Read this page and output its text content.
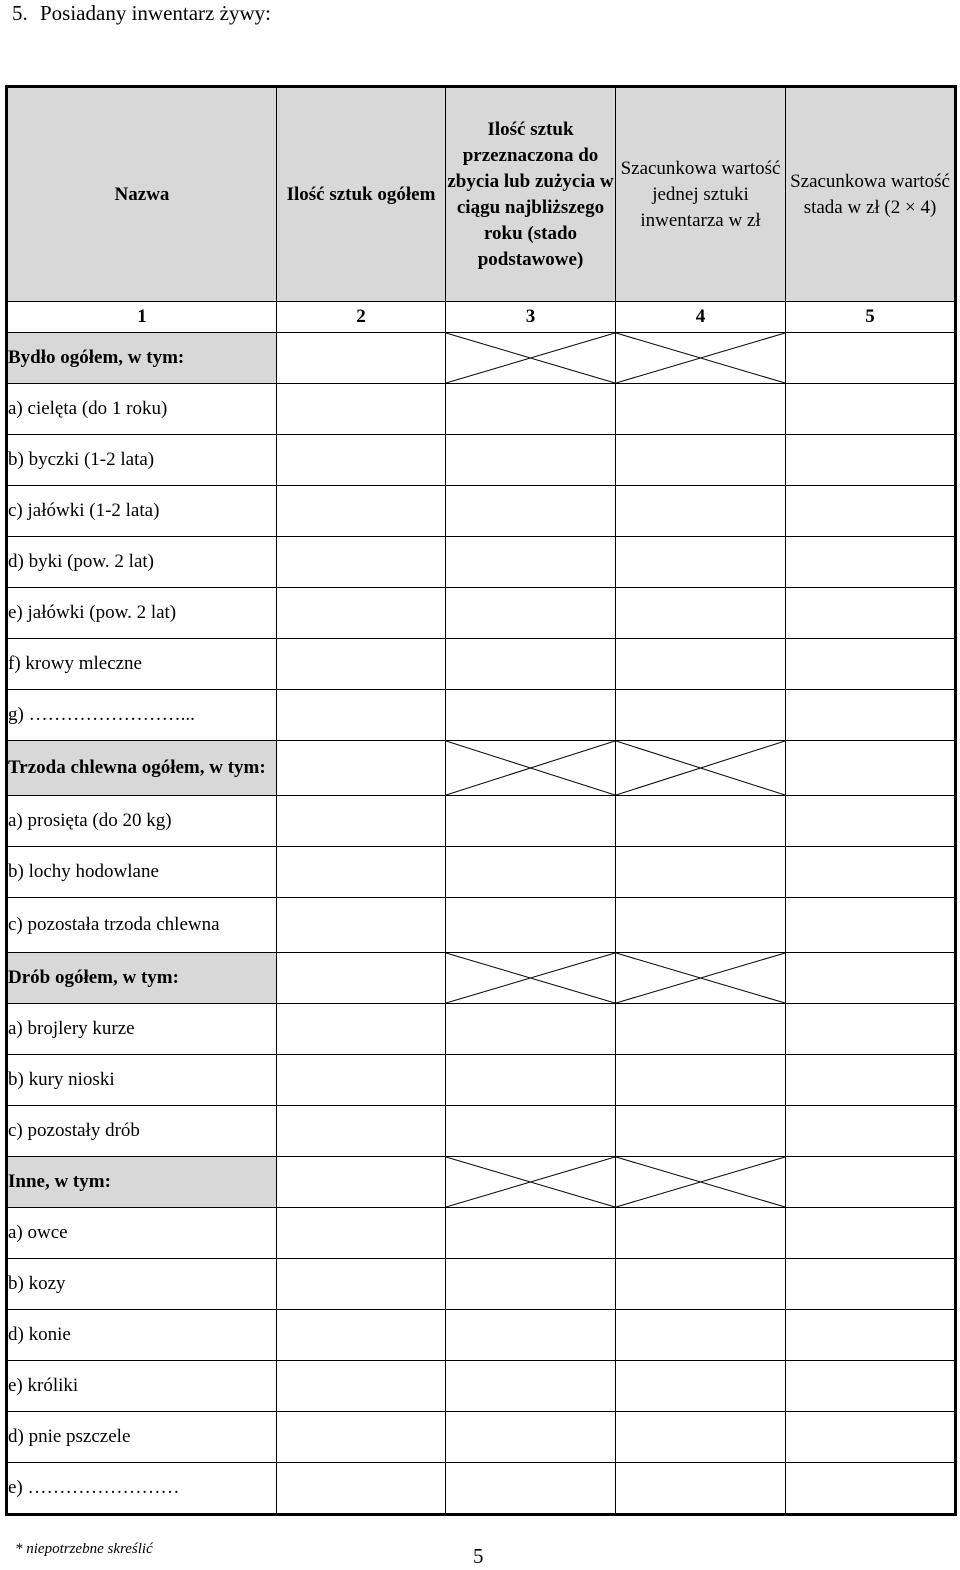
5. Posiadany inwentarz żywy:
Nazwa	Ilość sztuk ogółem	Ilość sztuk przeznaczona do zbycia lub zużycia w ciągu najbliższego roku (stado podstawowe)	Szacunkowa wartość jednej sztuki inwentarza w zł	Szacunkowa wartość stada w zł (2 × 4)
1	2	3	4	5
Bydło ogółem, w tym:		

a) cielęta (do 1 roku)				
b) byczki (1-2 lata)				
c) jałówki (1-2 lata)				
d) byki (pow. 2 lat)				
e) jałówki (pow. 2 lat)				
f) krowy mleczne				
g) ……………………...				
Trzoda chlewna ogółem, w tym:		

a) prosięta (do 20 kg)				
b) lochy hodowlane				
c) pozostała trzoda chlewna				
Drób ogółem, w tym:		

a) brojlery kurze				
b) kury nioski				
c) pozostały drób				
Inne, w tym:		

a) owce				
b) kozy				
d) konie				
e) króliki				
d) pnie pszczele				
e) ……………………				
* niepotrzebne skreślić	5
